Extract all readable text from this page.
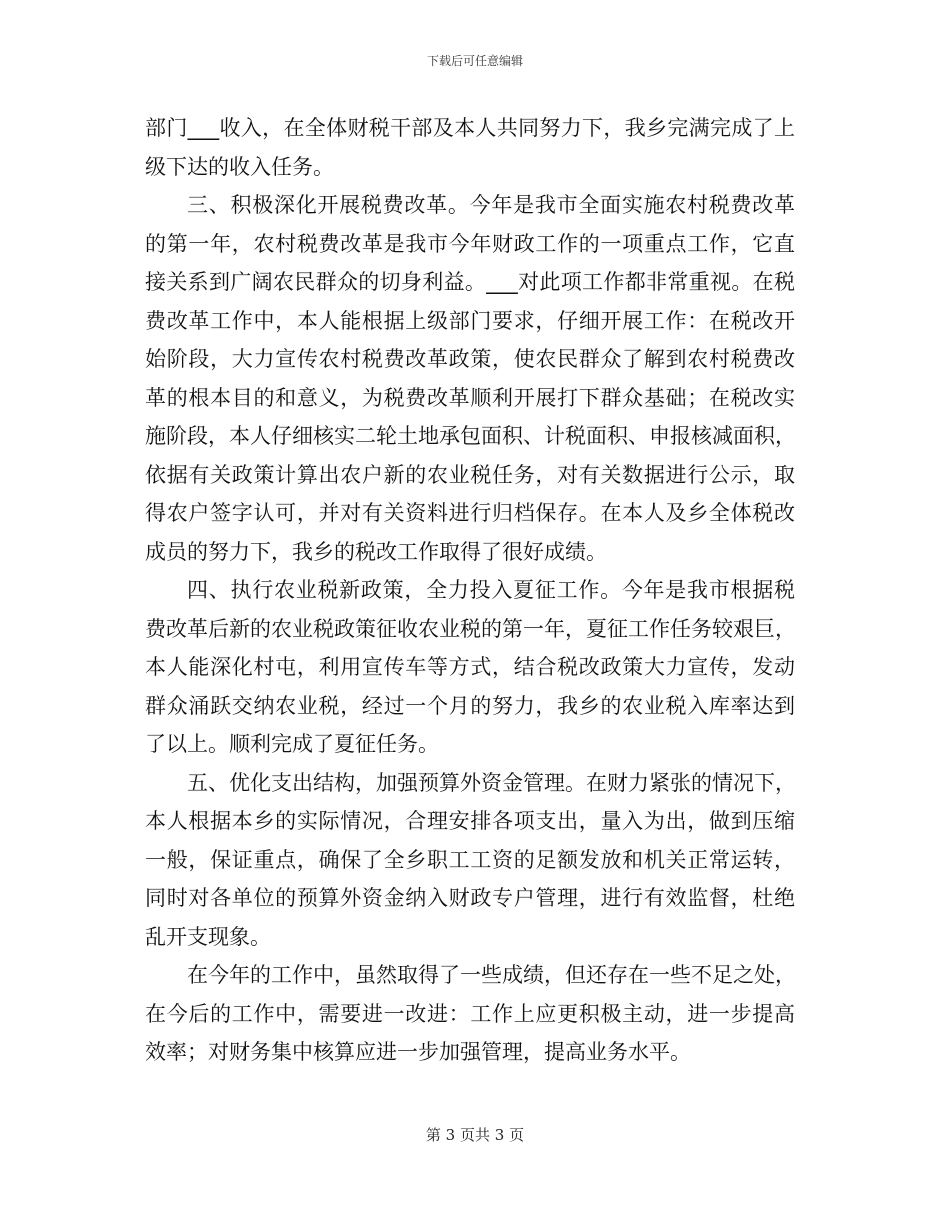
下载后可任意编辑

部门___收入，在全体财税干部及本人共同努力下，我乡完满完成了上
级下达的收入任务。

三、积极深化开展税费改革。今年是我市全面实施农村税费改革
的第一年，农村税费改革是我市今年财政工作的一项重点工作，它直
接关系到广阔农民群众的切身利益。___对此项工作都非常重视。在税
费改革工作中，本人能根据上级部门要求，仔细开展工作：在税改开
始阶段，大力宣传农村税费改革政策，使农民群众了解到农村税费改
革的根本目的和意义，为税费改革顺利开展打下群众基础；在税改实
施阶段，本人仔细核实二轮土地承包面积、计税面积、申报核减面积，
依据有关政策计算出农户新的农业税任务，对有关数据进行公示，取
得农户签字认可，并对有关资料进行归档保存。在本人及乡全体税改
成员的努力下，我乡的税改工作取得了很好成绩。

四、执行农业税新政策，全力投入夏征工作。今年是我市根据税
费改革后新的农业税政策征收农业税的第一年，夏征工作任务较艰巨，
本人能深化村屯，利用宣传车等方式，结合税改政策大力宣传，发动
群众涌跃交纳农业税，经过一个月的努力，我乡的农业税入库率达到
了以上。顺利完成了夏征任务。

五、优化支出结构，加强预算外资金管理。在财力紧张的情况下，
本人根据本乡的实际情况，合理安排各项支出，量入为出，做到压缩
一般，保证重点，确保了全乡职工工资的足额发放和机关正常运转，
同时对各单位的预算外资金纳入财政专户管理，进行有效监督，杜绝
乱开支现象。

在今年的工作中，虽然取得了一些成绩，但还存在一些不足之处，
在今后的工作中，需要进一改进：工作上应更积极主动，进一步提高
效率；对财务集中核算应进一步加强管理，提高业务水平。

第 3 页共 3 页
